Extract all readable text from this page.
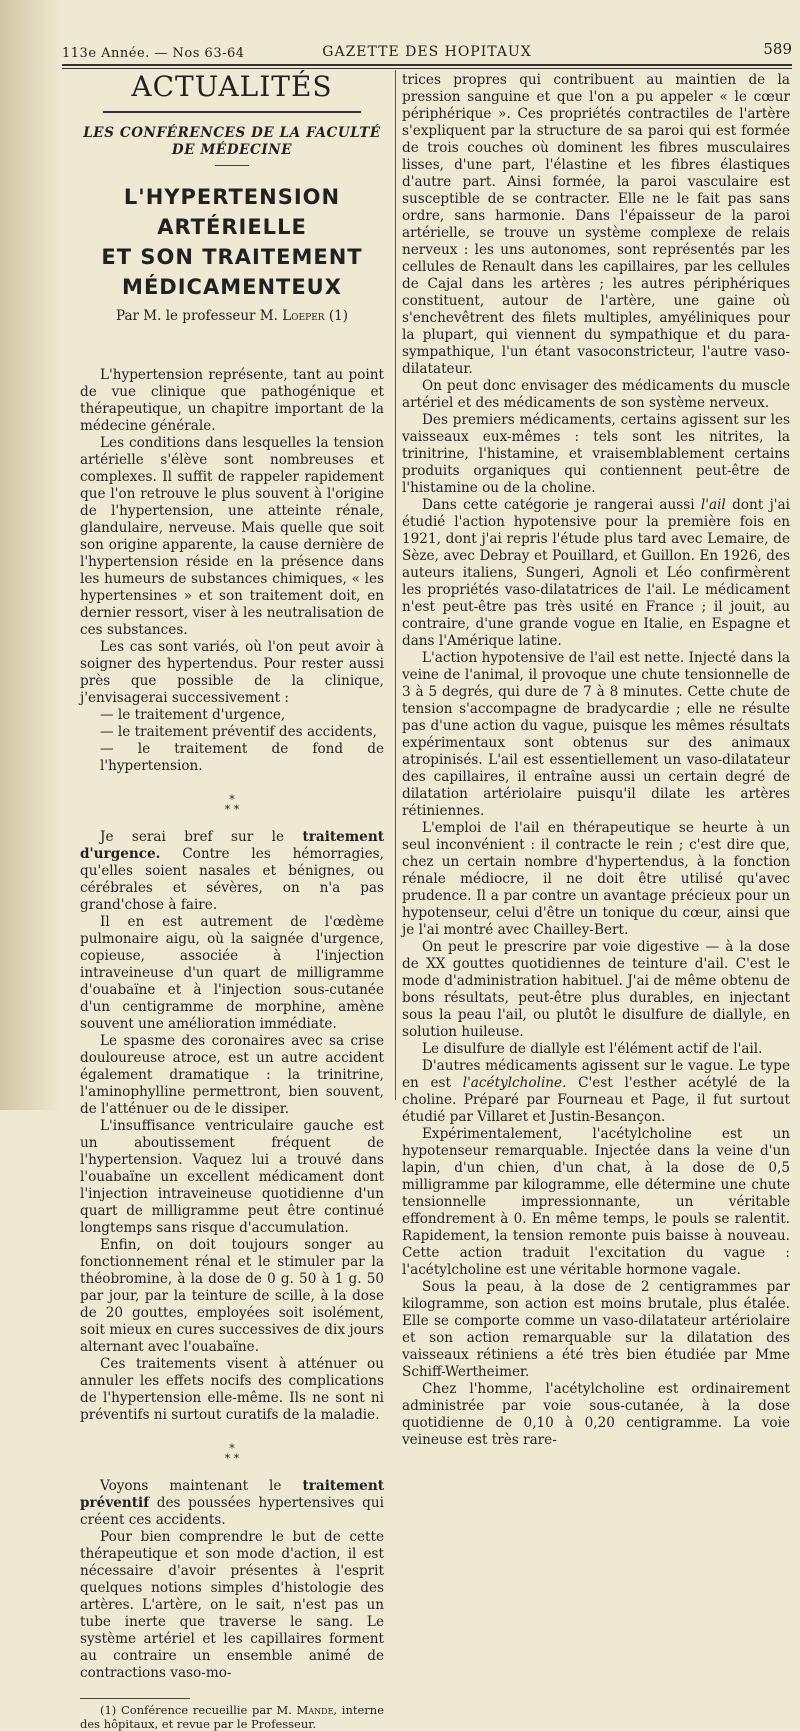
113e Année. — Nos 63-64	GAZETTE DES HOPITAUX	589
ACTUALITÉS
LES CONFÉRENCES DE LA FACULTÉ DE MÉDECINE
L'HYPERTENSION ARTÉRIELLE
ET SON TRAITEMENT MÉDICAMENTEUX
Par M. le professeur M. Loeper (1)

L'hypertension représente, tant au point de vue clinique que pathogénique et thérapeutique, un chapitre important de la médecine générale.

Les conditions dans lesquelles la tension artérielle s'élève sont nombreuses et complexes. Il suffit de rappeler rapidement que l'on retrouve le plus souvent à l'origine de l'hypertension, une atteinte rénale, glandulaire, nerveuse. Mais quelle que soit son origine apparente, la cause dernière de l'hypertension réside en la présence dans les humeurs de substances chimiques, « les hypertensines » et son traitement doit, en dernier ressort, viser à les neutralisation de ces substances.

Les cas sont variés, où l'on peut avoir à soigner des hypertendus. Pour rester aussi près que possible de la clinique, j'envisagerai successivement :

— le traitement d'urgence,

— le traitement préventif des accidents,

— le traitement de fond de l'hypertension.

*
* *

Je serai bref sur le traitement d'urgence. Contre les hémorragies, qu'elles soient nasales et bénignes, ou cérébrales et sévères, on n'a pas grand'chose à faire.

Il en est autrement de l'œdème pulmonaire aigu, où la saignée d'urgence, copieuse, associée à l'injection intraveineuse d'un quart de milligramme d'ouabaïne et à l'injection sous-cutanée d'un centigramme de morphine, amène souvent une amélioration immédiate.

Le spasme des coronaires avec sa crise douloureuse atroce, est un autre accident également dramatique : la trinitrine, l'aminophylline permettront, bien souvent, de l'atténuer ou de le dissiper.

L'insuffisance ventriculaire gauche est un aboutissement fréquent de l'hypertension. Vaquez lui a trouvé dans l'ouabaïne un excellent médicament dont l'injection intraveineuse quotidienne d'un quart de milligramme peut être continué longtemps sans risque d'accumulation.

Enfin, on doit toujours songer au fonctionnement rénal et le stimuler par la théobromine, à la dose de 0 g. 50 à 1 g. 50 par jour, par la teinture de scille, à la dose de 20 gouttes, employées soit isolément, soit mieux en cures successives de dix jours alternant avec l'ouabaïne.

Ces traitements visent à atténuer ou annuler les effets nocifs des complications de l'hypertension elle-même. Ils ne sont ni préventifs ni surtout curatifs de la maladie.

*
* *

Voyons maintenant le traitement préventif des poussées hypertensives qui créent ces accidents.

Pour bien comprendre le but de cette thérapeutique et son mode d'action, il est nécessaire d'avoir présentes à l'esprit quelques notions simples d'histologie des artères. L'artère, on le sait, n'est pas un tube inerte que traverse le sang. Le système artériel et les capillaires forment au contraire un ensemble animé de contractions vaso-mo-

(1) Conférence recueillie par M. Mande, interne des hôpitaux, et revue par le Professeur.

trices propres qui contribuent au maintien de la pression sanguine et que l'on a pu appeler « le cœur périphérique ». Ces propriétés contractiles de l'artère s'expliquent par la structure de sa paroi qui est formée de trois couches où dominent les fibres musculaires lisses, d'une part, l'élastine et les fibres élastiques d'autre part. Ainsi formée, la paroi vasculaire est susceptible de se contracter. Elle ne le fait pas sans ordre, sans harmonie. Dans l'épaisseur de la paroi artérielle, se trouve un système complexe de relais nerveux : les uns autonomes, sont représentés par les cellules de Renault dans les capillaires, par les cellules de Cajal dans les artères ; les autres périphériques constituent, autour de l'artère, une gaine où s'enchevêtrent des filets multiples, amyéliniques pour la plupart, qui viennent du sympathique et du para-sympathique, l'un étant vasoconstricteur, l'autre vaso-dilatateur.

On peut donc envisager des médicaments du muscle artériel et des médicaments de son système nerveux.

Des premiers médicaments, certains agissent sur les vaisseaux eux-mêmes : tels sont les nitrites, la trinitrine, l'histamine, et vraisemblablement certains produits organiques qui contiennent peut-être de l'histamine ou de la choline.

Dans cette catégorie je rangerai aussi l'ail dont j'ai étudié l'action hypotensive pour la première fois en 1921, dont j'ai repris l'étude plus tard avec Lemaire, de Sèze, avec Debray et Pouillard, et Guillon. En 1926, des auteurs italiens, Sungeri, Agnoli et Léo confirmèrent les propriétés vaso-dilatatrices de l'ail. Le médicament n'est peut-être pas très usité en France ; il jouit, au contraire, d'une grande vogue en Italie, en Espagne et dans l'Amérique latine.

L'action hypotensive de l'ail est nette. Injecté dans la veine de l'animal, il provoque une chute tensionnelle de 3 à 5 degrés, qui dure de 7 à 8 minutes. Cette chute de tension s'accompagne de bradycardie ; elle ne résulte pas d'une action du vague, puisque les mêmes résultats expérimentaux sont obtenus sur des animaux atropinisés. L'ail est essentiellement un vaso-dilatateur des capillaires, il entraîne aussi un certain degré de dilatation artériolaire puisqu'il dilate les artères rétiniennes.

L'emploi de l'ail en thérapeutique se heurte à un seul inconvénient : il contracte le rein ; c'est dire que, chez un certain nombre d'hypertendus, à la fonction rénale médiocre, il ne doit être utilisé qu'avec prudence. Il a par contre un avantage précieux pour un hypotenseur, celui d'être un tonique du cœur, ainsi que je l'ai montré avec Chailley-Bert.

On peut le prescrire par voie digestive — à la dose de XX gouttes quotidiennes de teinture d'ail. C'est le mode d'administration habituel. J'ai de même obtenu de bons résultats, peut-être plus durables, en injectant sous la peau l'ail, ou plutôt le disulfure de diallyle, en solution huileuse.

Le disulfure de diallyle est l'élément actif de l'ail.

D'autres médicaments agissent sur le vague. Le type en est l'acétylcholine. C'est l'esther acétylé de la choline. Préparé par Fourneau et Page, il fut surtout étudié par Villaret et Justin-Besançon.

Expérimentalement, l'acétylcholine est un hypotenseur remarquable. Injectée dans la veine d'un lapin, d'un chien, d'un chat, à la dose de 0,5 milligramme par kilogramme, elle détermine une chute tensionnelle impressionnante, un véritable effondrement à 0. En même temps, le pouls se ralentit. Rapidement, la tension remonte puis baisse à nouveau. Cette action traduit l'excitation du vague : l'acétylcholine est une véritable hormone vagale.

Sous la peau, à la dose de 2 centigrammes par kilogramme, son action est moins brutale, plus étalée. Elle se comporte comme un vaso-dilatateur artériolaire et son action remarquable sur la dilatation des vaisseaux rétiniens a été très bien étudiée par Mme Schiff-Wertheimer.

Chez l'homme, l'acétylcholine est ordinairement administrée par voie sous-cutanée, à la dose quotidienne de 0,10 à 0,20 centigramme. La voie veineuse est très rare-
